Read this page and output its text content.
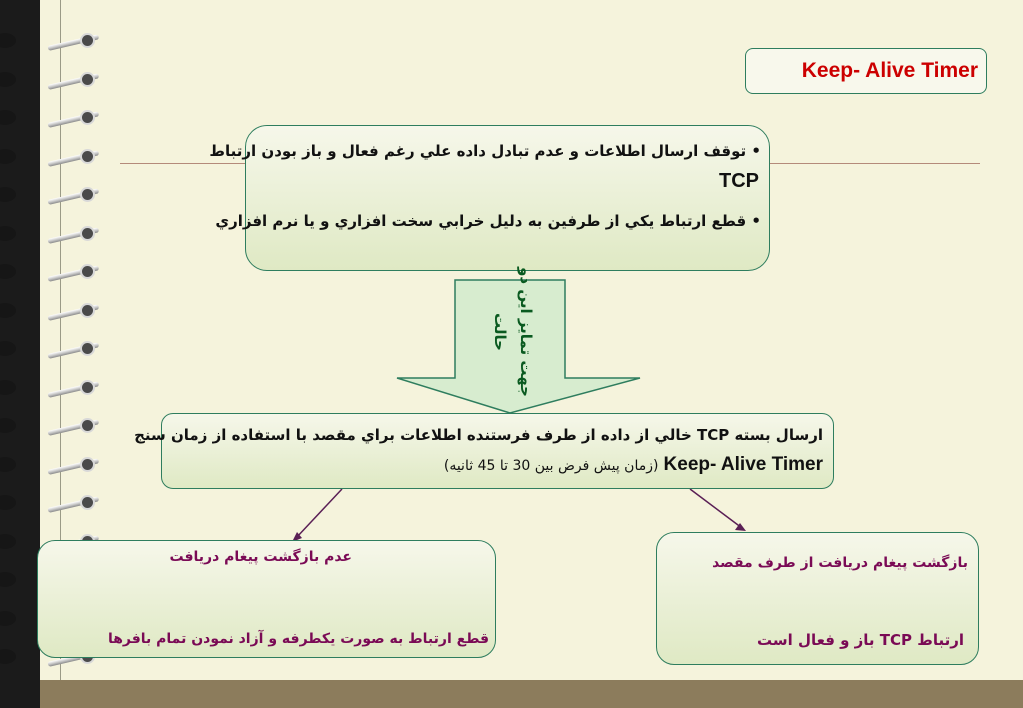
Keep- Alive Timer
• توقف ارسال اطلاعات و عدم تبادل داده علي رغم فعال و باز بودن ارتباط
TCP
• قطع ارتباط يکي از طرفين به دليل خرابي سخت افزاري و يا نرم افزاري
جهت تمايز اين دو
حالت
ارسال بسته TCP خالي از داده از طرف فرستنده اطلاعات براي مقصد با استفاده از زمان سنج
Keep- Alive Timer (زمان پيش فرض بين 30 تا 45 ثانيه)
عدم بازگشت پيغام دريافت
قطع ارتباط به صورت يکطرفه و آزاد نمودن تمام بافرها
بازگشت پيغام دريافت از طرف مقصد
ارتباط TCP باز و فعال است
